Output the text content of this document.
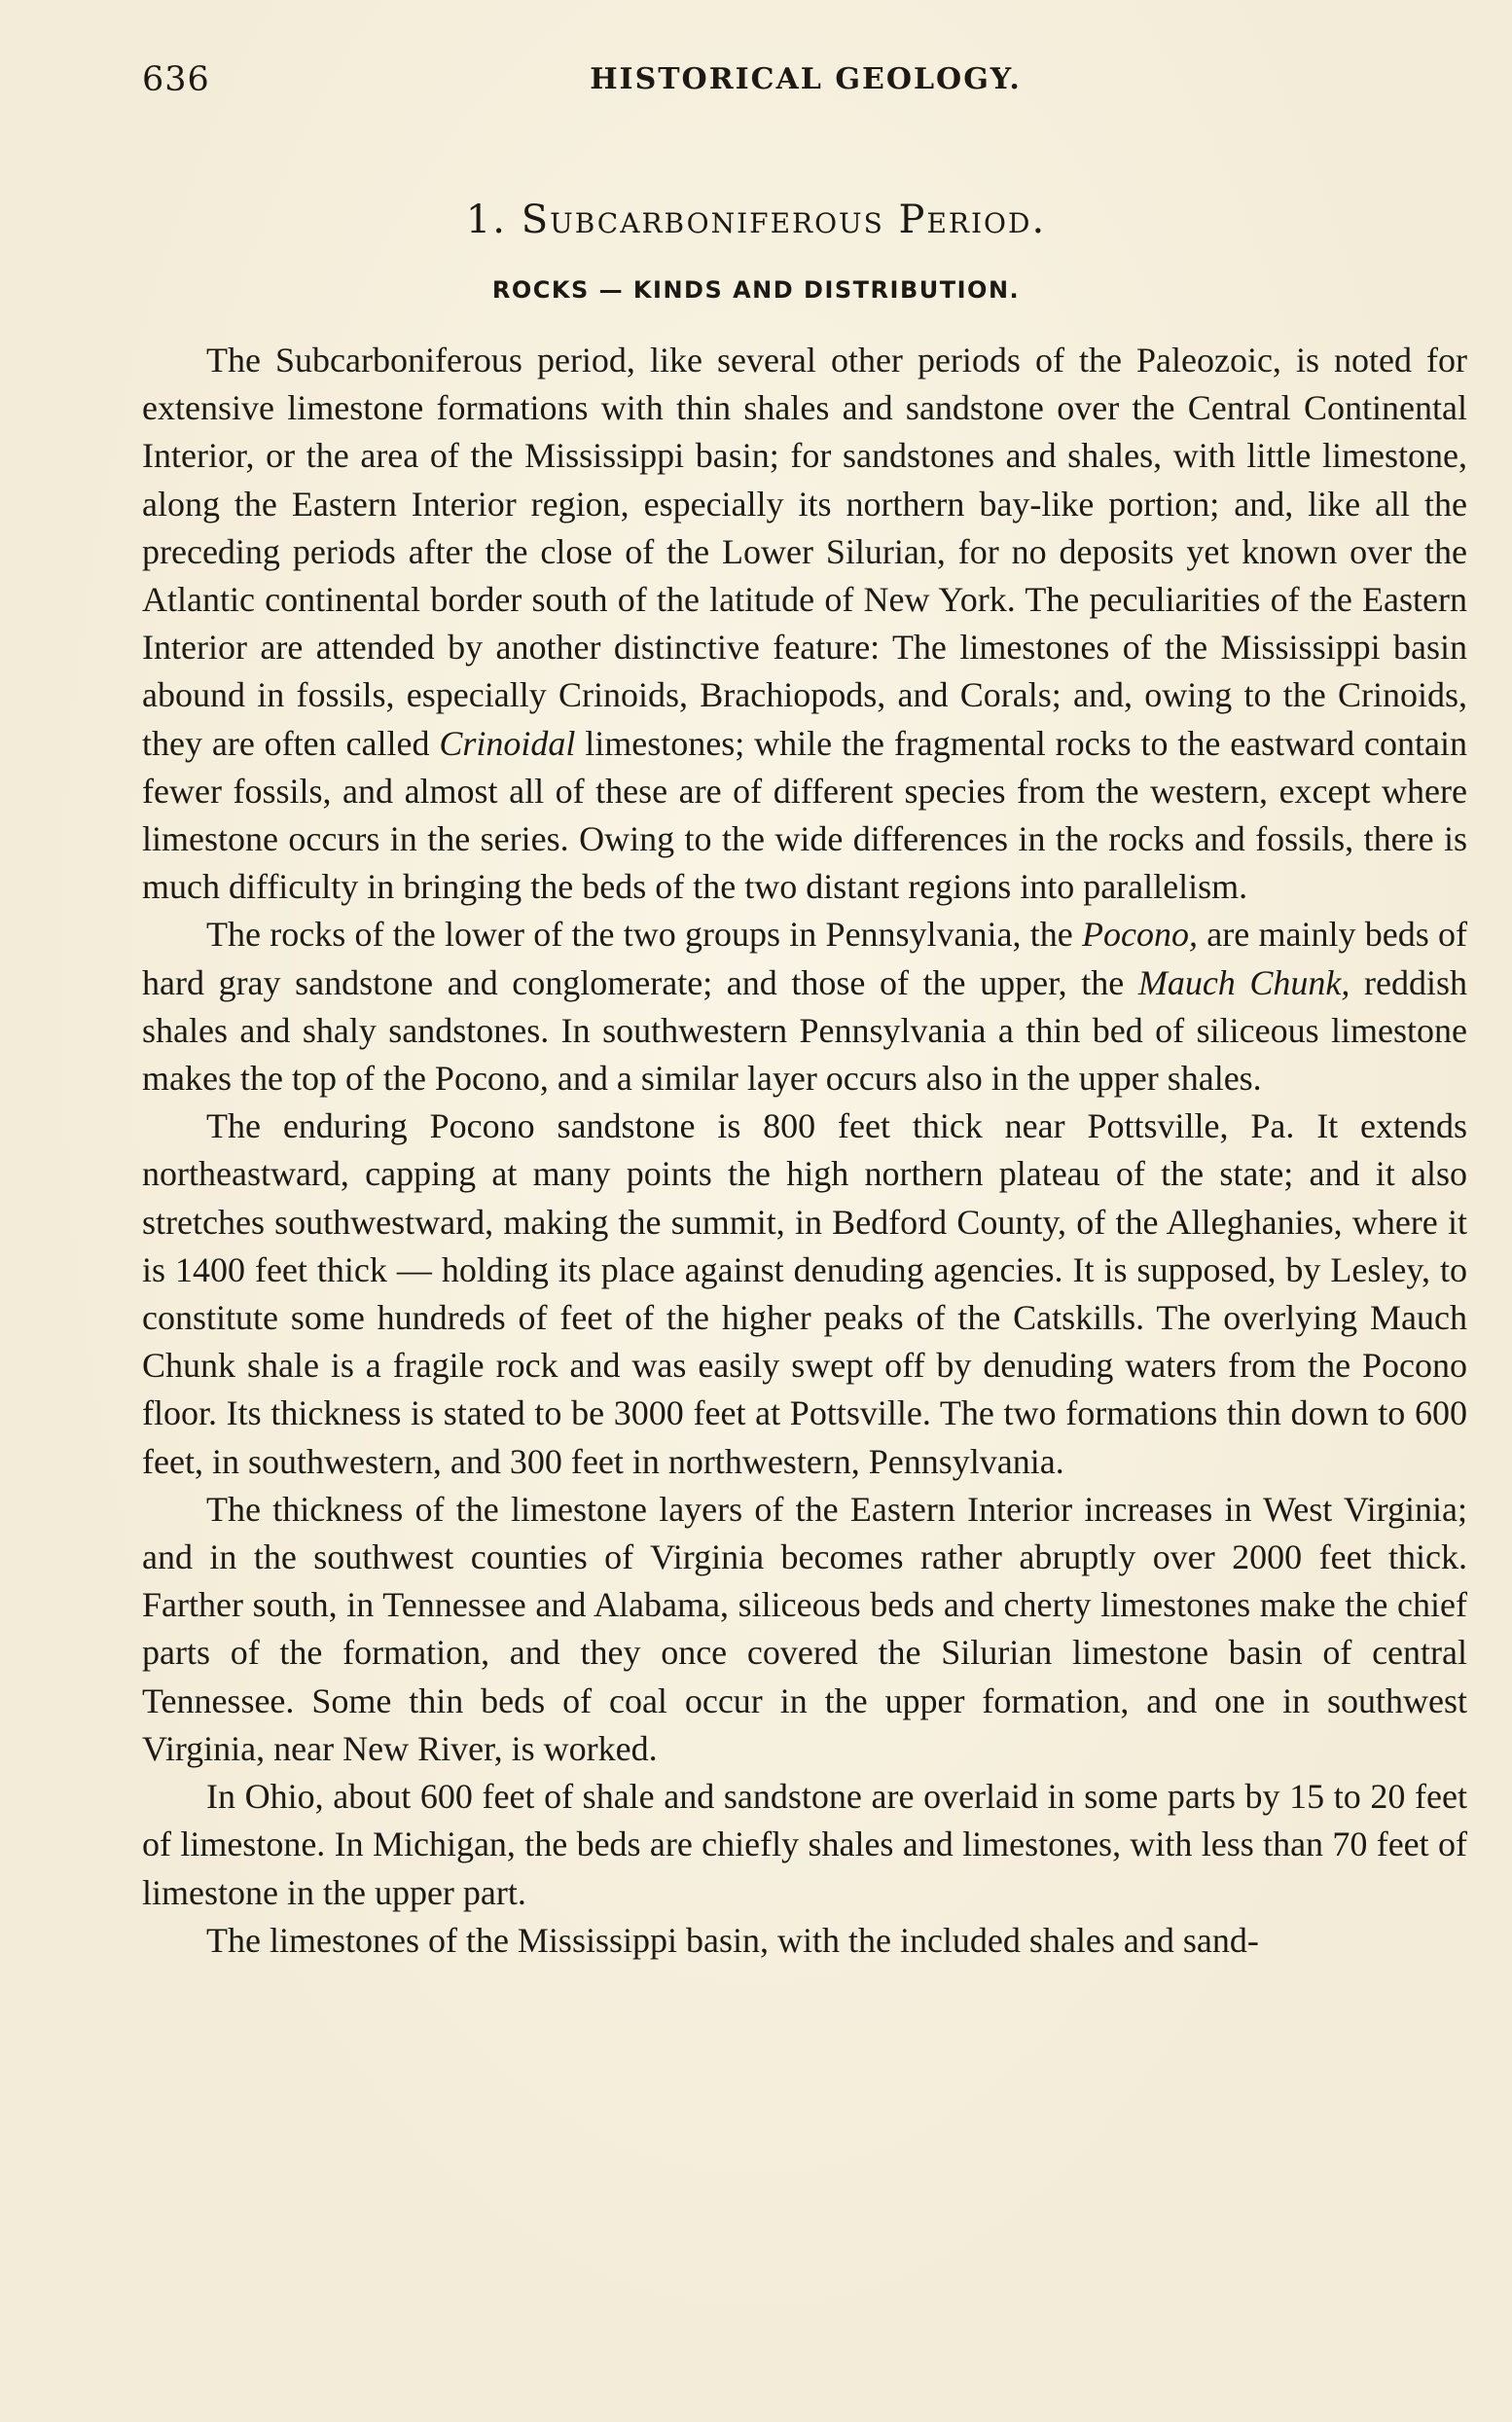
636	HISTORICAL GEOLOGY.
1. Subcarboniferous Period.
ROCKS — KINDS AND DISTRIBUTION.

The Subcarboniferous period, like several other periods of the Paleozoic, is noted for extensive limestone formations with thin shales and sandstone over the Central Continental Interior, or the area of the Mississippi basin; for sandstones and shales, with little limestone, along the Eastern Interior region, especially its northern bay-like portion; and, like all the preceding periods after the close of the Lower Silurian, for no deposits yet known over the Atlantic continental border south of the latitude of New York. The peculiarities of the Eastern Interior are attended by another distinctive feature: The limestones of the Mississippi basin abound in fossils, especially Crinoids, Brachiopods, and Corals; and, owing to the Crinoids, they are often called Crinoidal limestones; while the fragmental rocks to the eastward contain fewer fossils, and almost all of these are of different species from the western, except where limestone occurs in the series. Owing to the wide differences in the rocks and fossils, there is much difficulty in bringing the beds of the two distant regions into parallelism.

The rocks of the lower of the two groups in Pennsylvania, the Pocono, are mainly beds of hard gray sandstone and conglomerate; and those of the upper, the Mauch Chunk, reddish shales and shaly sandstones. In southwestern Pennsylvania a thin bed of siliceous limestone makes the top of the Pocono, and a similar layer occurs also in the upper shales.

The enduring Pocono sandstone is 800 feet thick near Pottsville, Pa. It extends northeastward, capping at many points the high northern plateau of the state; and it also stretches southwestward, making the summit, in Bedford County, of the Alleghanies, where it is 1400 feet thick — holding its place against denuding agencies. It is supposed, by Lesley, to constitute some hundreds of feet of the higher peaks of the Catskills. The overlying Mauch Chunk shale is a fragile rock and was easily swept off by denuding waters from the Pocono floor. Its thickness is stated to be 3000 feet at Pottsville. The two formations thin down to 600 feet, in southwestern, and 300 feet in northwestern, Pennsylvania.

The thickness of the limestone layers of the Eastern Interior increases in West Virginia; and in the southwest counties of Virginia becomes rather abruptly over 2000 feet thick. Farther south, in Tennessee and Alabama, siliceous beds and cherty limestones make the chief parts of the formation, and they once covered the Silurian limestone basin of central Tennessee. Some thin beds of coal occur in the upper formation, and one in southwest Virginia, near New River, is worked.

In Ohio, about 600 feet of shale and sandstone are overlaid in some parts by 15 to 20 feet of limestone. In Michigan, the beds are chiefly shales and limestones, with less than 70 feet of limestone in the upper part.

The limestones of the Mississippi basin, with the included shales and sand-
